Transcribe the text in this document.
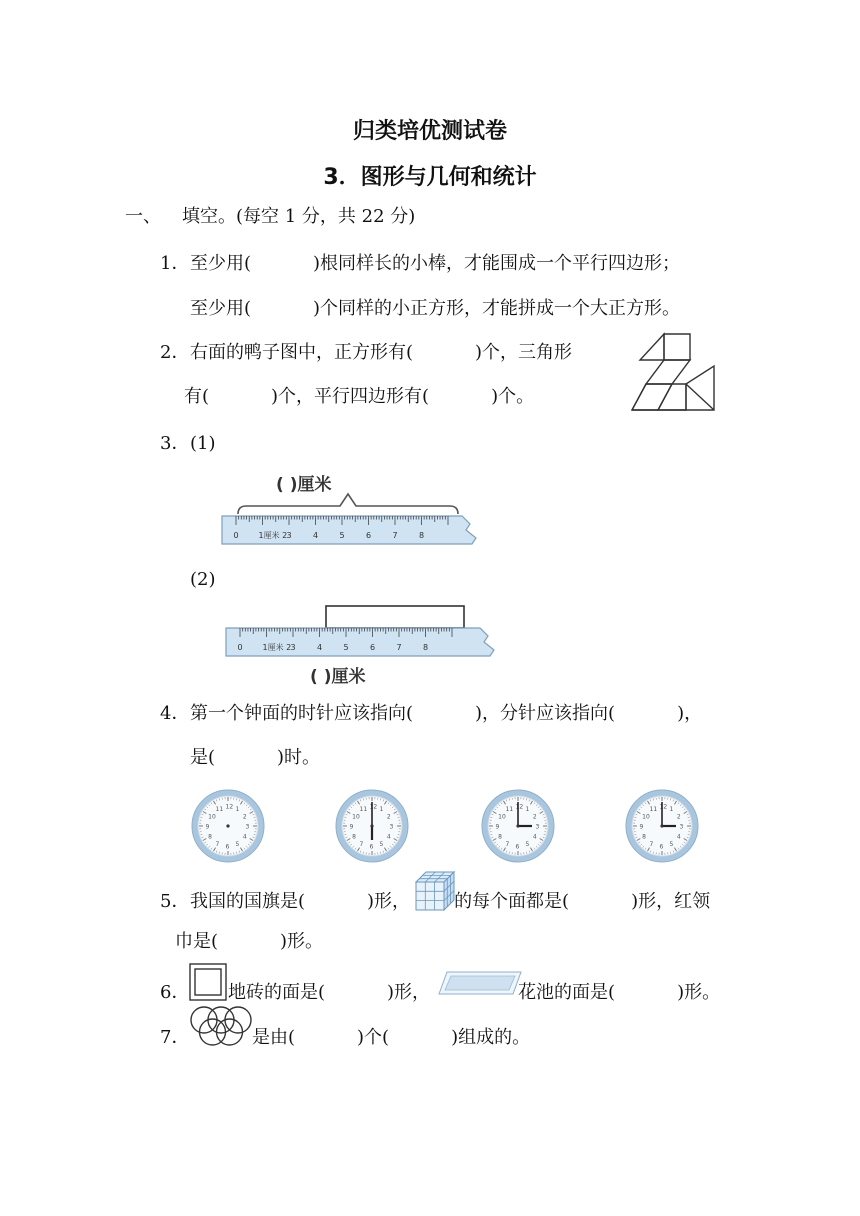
归类培优测试卷
3．图形与几何和统计
一、 填空。(每空 1 分，共 22 分)
1． 至少用(	)根同样长的小棒，才能围成一个平行四边形；
至少用(	)个同样的小正方形，才能拼成一个大正方形。
2． 右面的鸭子图中，正方形有(	)个，三角形
有(	)个，平行四边形有(	)个。
3． (1)
( )厘米
0 1厘米 2 3	4	5	6	7	8
(2)
0 1厘米 2 3	4	5	6	7	8
( )厘米
4． 第一个钟面的时针应该指向(	)，分针应该指向(	)，
是(	)时。
1
2
3
4
5
6
7
8
9
10
11 12	1
2
3
4
5
6
7
8
9
10
11 12	1
2
3
4
5
6
7
8
9
10
11 12	1
2
3
4
5
6
7
8
9
10
11 12
5． 我国的国旗是(	)形， 的每个面都是(	)形，红领
巾是(	)形。
6． 地砖的面是(	)形，	花池的面是(	)形。
7．	是由(	)个(	)组成的。
